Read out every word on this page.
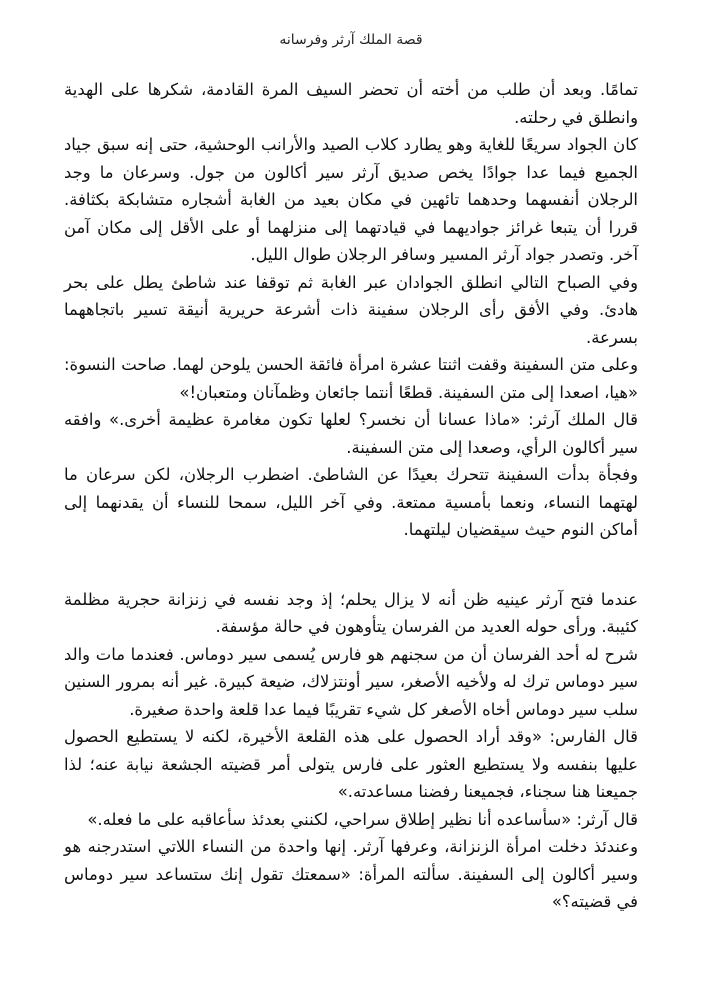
قصة الملك آرثر وفرسانه

تمامًا. وبعد أن طلب من أخته أن تحضر السيف المرة القادمة، شكرها على الهدية وانطلق في رحلته.

كان الجواد سريعًا للغاية وهو يطارد كلاب الصيد والأرانب الوحشية، حتى إنه سبق جياد الجميع فيما عدا جوادًا يخص صديق آرثر سير أكالون من جول. وسرعان ما وجد الرجلان أنفسهما وحدهما تائهين في مكان بعيد من الغابة أشجاره متشابكة بكثافة. قررا أن يتبعا غرائز جواديهما في قيادتهما إلى منزلهما أو على الأقل إلى مكان آمن آخر. وتصدر جواد آرثر المسير وسافر الرجلان طوال الليل.

وفي الصباح التالي انطلق الجوادان عبر الغابة ثم توقفا عند شاطئ يطل على بحر هادئ. وفي الأفق رأى الرجلان سفينة ذات أشرعة حريرية أنيقة تسير باتجاههما بسرعة.

وعلى متن السفينة وقفت اثنتا عشرة امرأة فائقة الحسن يلوحن لهما. صاحت النسوة: «هيا، اصعدا إلى متن السفينة. قطعًا أنتما جائعان وظمآنان ومتعبان!»

قال الملك آرثر: «ماذا عسانا أن نخسر؟ لعلها تكون مغامرة عظيمة أخرى.» وافقه سير أكالون الرأي، وصعدا إلى متن السفينة.

وفجأة بدأت السفينة تتحرك بعيدًا عن الشاطئ. اضطرب الرجلان، لكن سرعان ما لهتهما النساء، ونعما بأمسية ممتعة. وفي آخر الليل، سمحا للنساء أن يقدنهما إلى أماكن النوم حيث سيقضيان ليلتهما.

عندما فتح آرثر عينيه ظن أنه لا يزال يحلم؛ إذ وجد نفسه في زنزانة حجرية مظلمة كئيبة. ورأى حوله العديد من الفرسان يتأوهون في حالة مؤسفة.

شرح له أحد الفرسان أن من سجنهم هو فارس يُسمى سير دوماس. فعندما مات والد سير دوماس ترك له ولأخيه الأصغر، سير أونتزلاك، ضيعة كبيرة. غير أنه بمرور السنين سلب سير دوماس أخاه الأصغر كل شيء تقريبًا فيما عدا قلعة واحدة صغيرة.

قال الفارس: «وقد أراد الحصول على هذه القلعة الأخيرة، لكنه لا يستطيع الحصول عليها بنفسه ولا يستطيع العثور على فارس يتولى أمر قضيته الجشعة نيابة عنه؛ لذا جميعنا هنا سجناء، فجميعنا رفضنا مساعدته.»

قال آرثر: «سأساعده أنا نظير إطلاق سراحي، لكنني بعدئذ سأعاقبه على ما فعله.»

وعندئذ دخلت امرأة الزنزانة، وعرفها آرثر. إنها واحدة من النساء اللاتي استدرجنه هو وسير أكالون إلى السفينة. سألته المرأة: «سمعتك تقول إنك ستساعد سير دوماس في قضيته؟»
